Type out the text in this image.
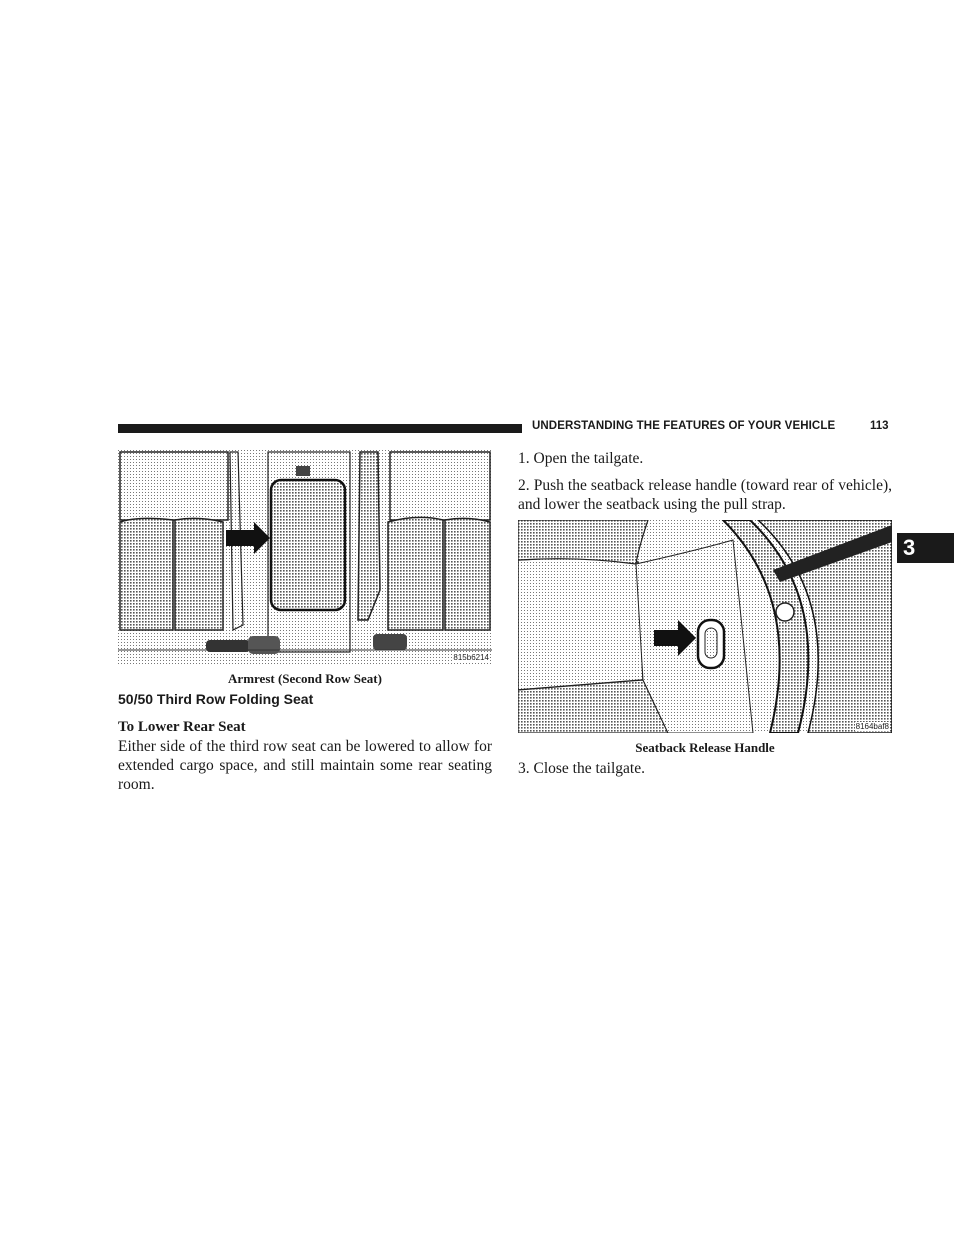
UNDERSTANDING THE FEATURES OF YOUR VEHICLE	113
3
815b6214
Armrest (Second Row Seat)
50/50 Third Row Folding Seat
To Lower Rear Seat
Either side of the third row seat can be lowered to allow for extended cargo space, and still maintain some rear seating room.
1. Open the tailgate.
2. Push the seatback release handle (toward rear of vehicle), and lower the seatback using the pull strap.
8164baf8
Seatback Release Handle
3. Close the tailgate.
